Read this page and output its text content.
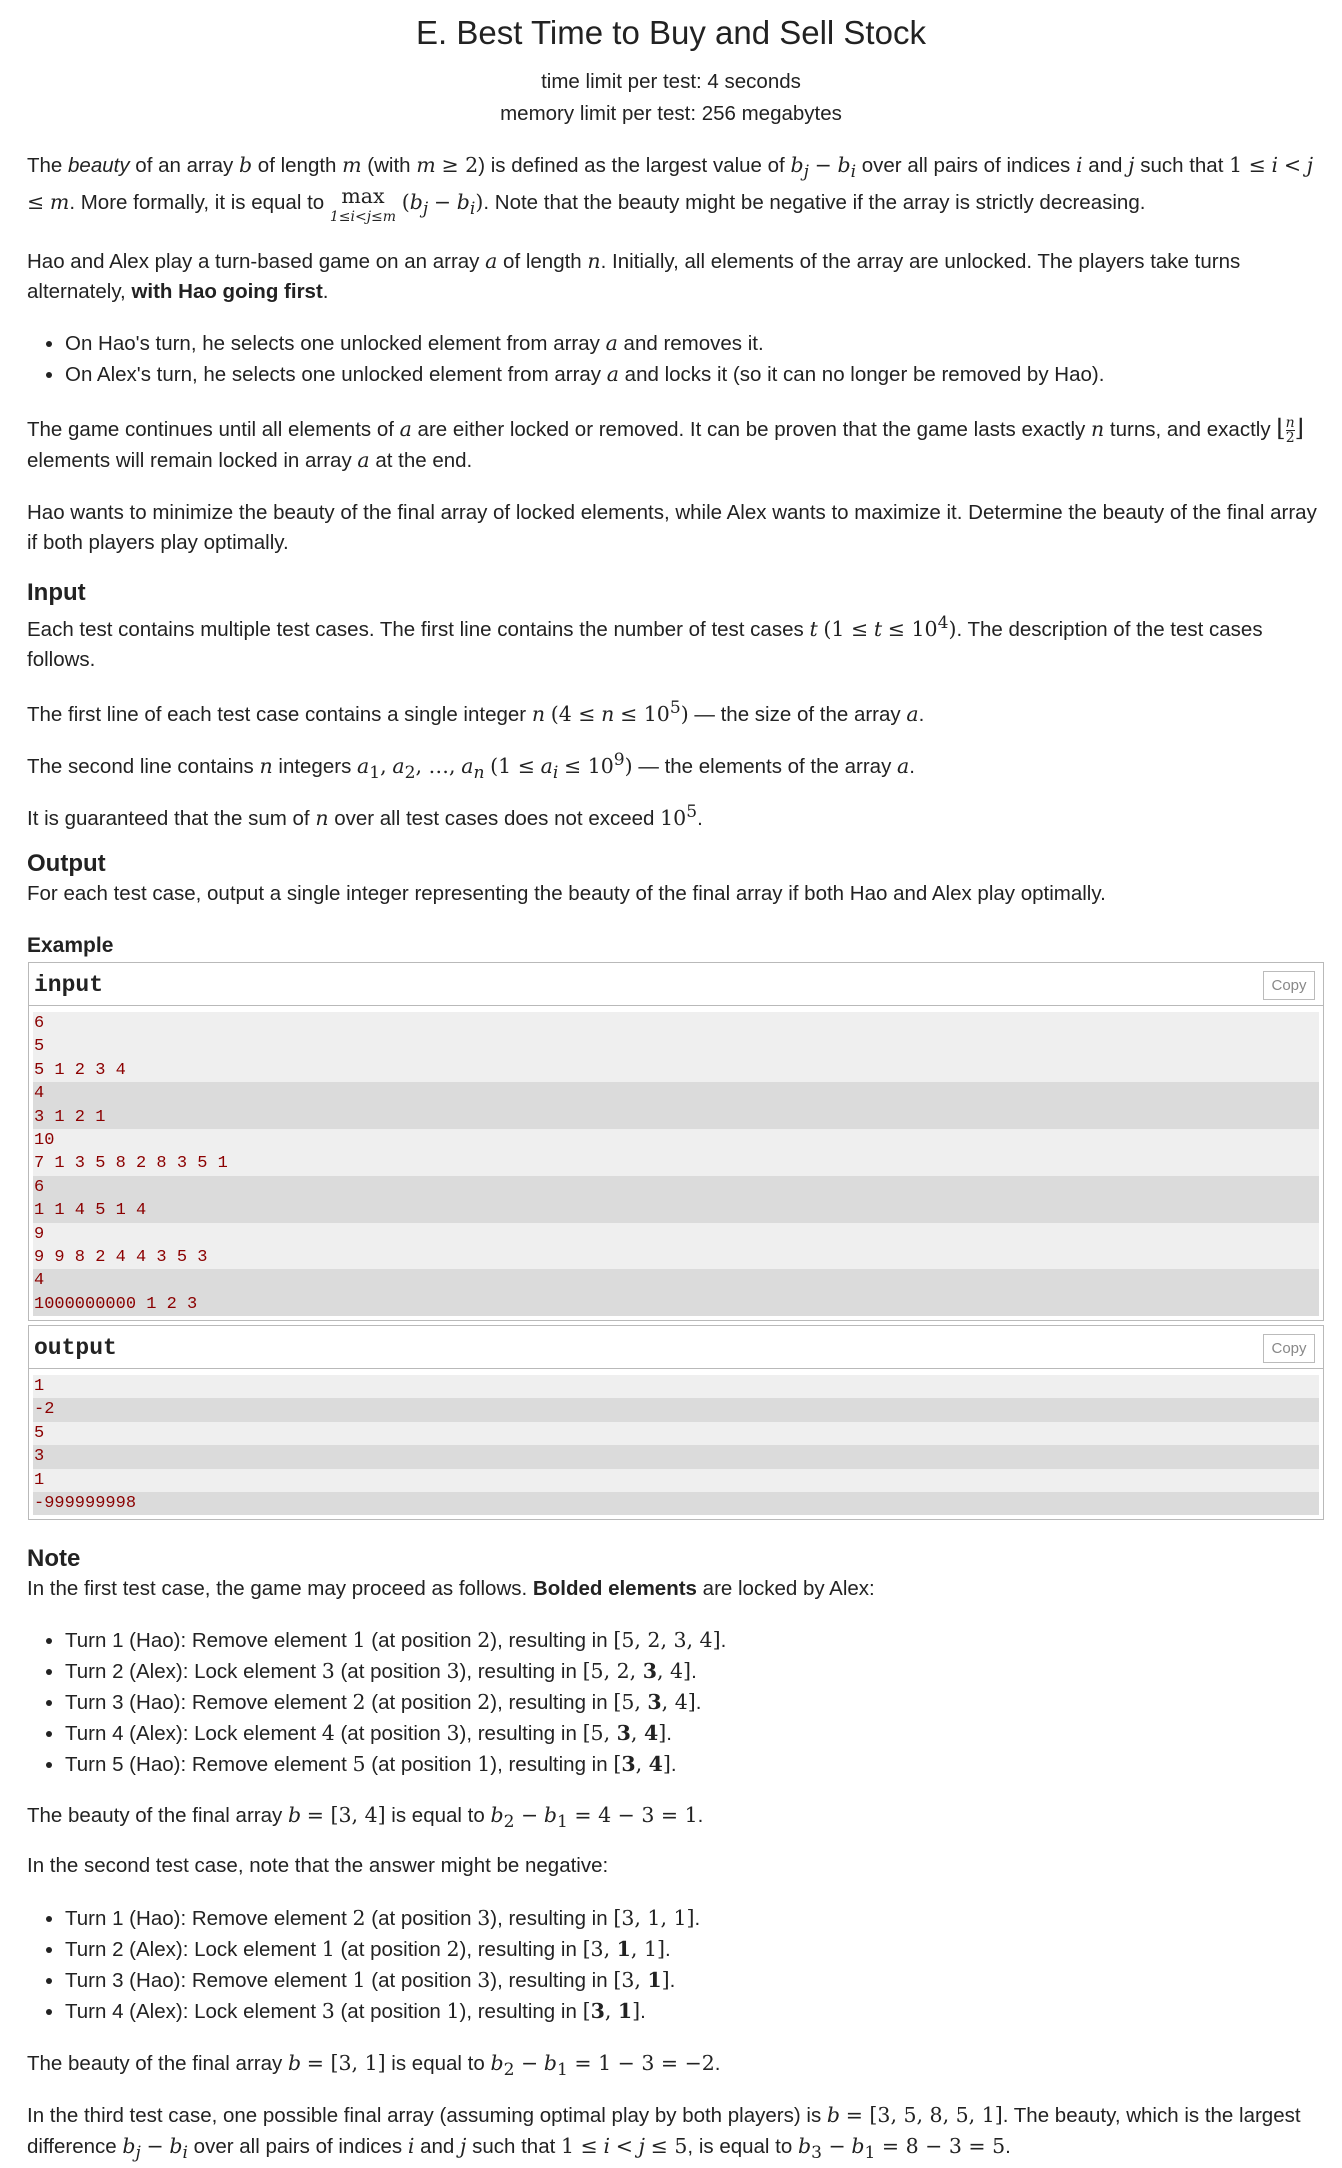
E. Best Time to Buy and Sell Stock
time limit per test: 4 seconds
memory limit per test: 256 megabytes

The beauty of an array b of length m (with m ≥ 2) is defined as the largest value of $b_j - b_i$ over all pairs of indices i and j such that 1 ≤ i < j ≤ m. More formally, it is equal to max
1≤i<j≤m $(b_j - b_i)$. Note that the beauty might be negative if the array is strictly decreasing.

Hao and Alex play a turn-based game on an array a of length n. Initially, all elements of the array are unlocked. The players take turns alternately, with Hao going first.

• On Hao's turn, he selects one unlocked element from array a and removes it.
• On Alex's turn, he selects one unlocked element from array a and locks it (so it can no longer be removed by Hao).

The game continues until all elements of a are either locked or removed. It can be proven that the game lasts exactly n turns, and exactly ⌊ $\frac{n}{2}⌋$ elements will remain locked in array a at the end.

Hao wants to minimize the beauty of the final array of locked elements, while Alex wants to maximize it. Determine the beauty of the final array if both players play optimally.

Input

Each test contains multiple test cases. The first line contains the number of test cases t $(1 \le t \le 10^4)$. The description of the test cases follows.

The first line of each test case contains a single integer n $(4 \le n \le 10^5)$ — the size of the array a.

The second line contains n integers $a_1$, $a_2$, …, $a_n$ $(1 \le a_i \le 10^9)$ — the elements of the array a.

It is guaranteed that the sum of n over all test cases does not exceed $10^5$.

Output

For each test case, output a single integer representing the beauty of the final array if both Hao and Alex play optimally.

Example
input	Copy
6
5
5 1 2 3 4
4
3 1 2 1
10
7 1 3 5 8 2 8 3 5 1
6
1 1 4 5 1 4
9
9 9 8 2 4 4 3 5 3
4
1000000000 1 2 3
output	Copy
1
-2
5
3
1
-999999998
Note

In the first test case, the game may proceed as follows. Bolded elements are locked by Alex:

• Turn 1 (Hao): Remove element 1 (at position 2), resulting in [5, 2, 3, 4].
• Turn 2 (Alex): Lock element 3 (at position 3), resulting in [5, 2, 3, 4].
• Turn 3 (Hao): Remove element 2 (at position 2), resulting in [5, 3, 4].
• Turn 4 (Alex): Lock element 4 (at position 3), resulting in [5, 3, 4].
• Turn 5 (Hao): Remove element 5 (at position 1), resulting in [3, 4].

The beauty of the final array b = [3, 4] is equal to $b_2 - b_1 = 4 - 3 = 1$.

In the second test case, note that the answer might be negative:

• Turn 1 (Hao): Remove element 2 (at position 3), resulting in [3, 1, 1].
• Turn 2 (Alex): Lock element 1 (at position 2), resulting in [3, 1, 1].
• Turn 3 (Hao): Remove element 1 (at position 3), resulting in [3, 1].
• Turn 4 (Alex): Lock element 3 (at position 1), resulting in [3, 1].

The beauty of the final array b = [3, 1] is equal to $b_2 - b_1 = 1 - 3 = -2$.

In the third test case, one possible final array (assuming optimal play by both players) is b = [3, 5, 8, 5, 1]. The beauty, which is the largest difference $b_j - b_i$ over all pairs of indices i and j such that 1 ≤ i < j ≤ 5, is equal to $b_3 - b_1 = 8 - 3 = 5$.
